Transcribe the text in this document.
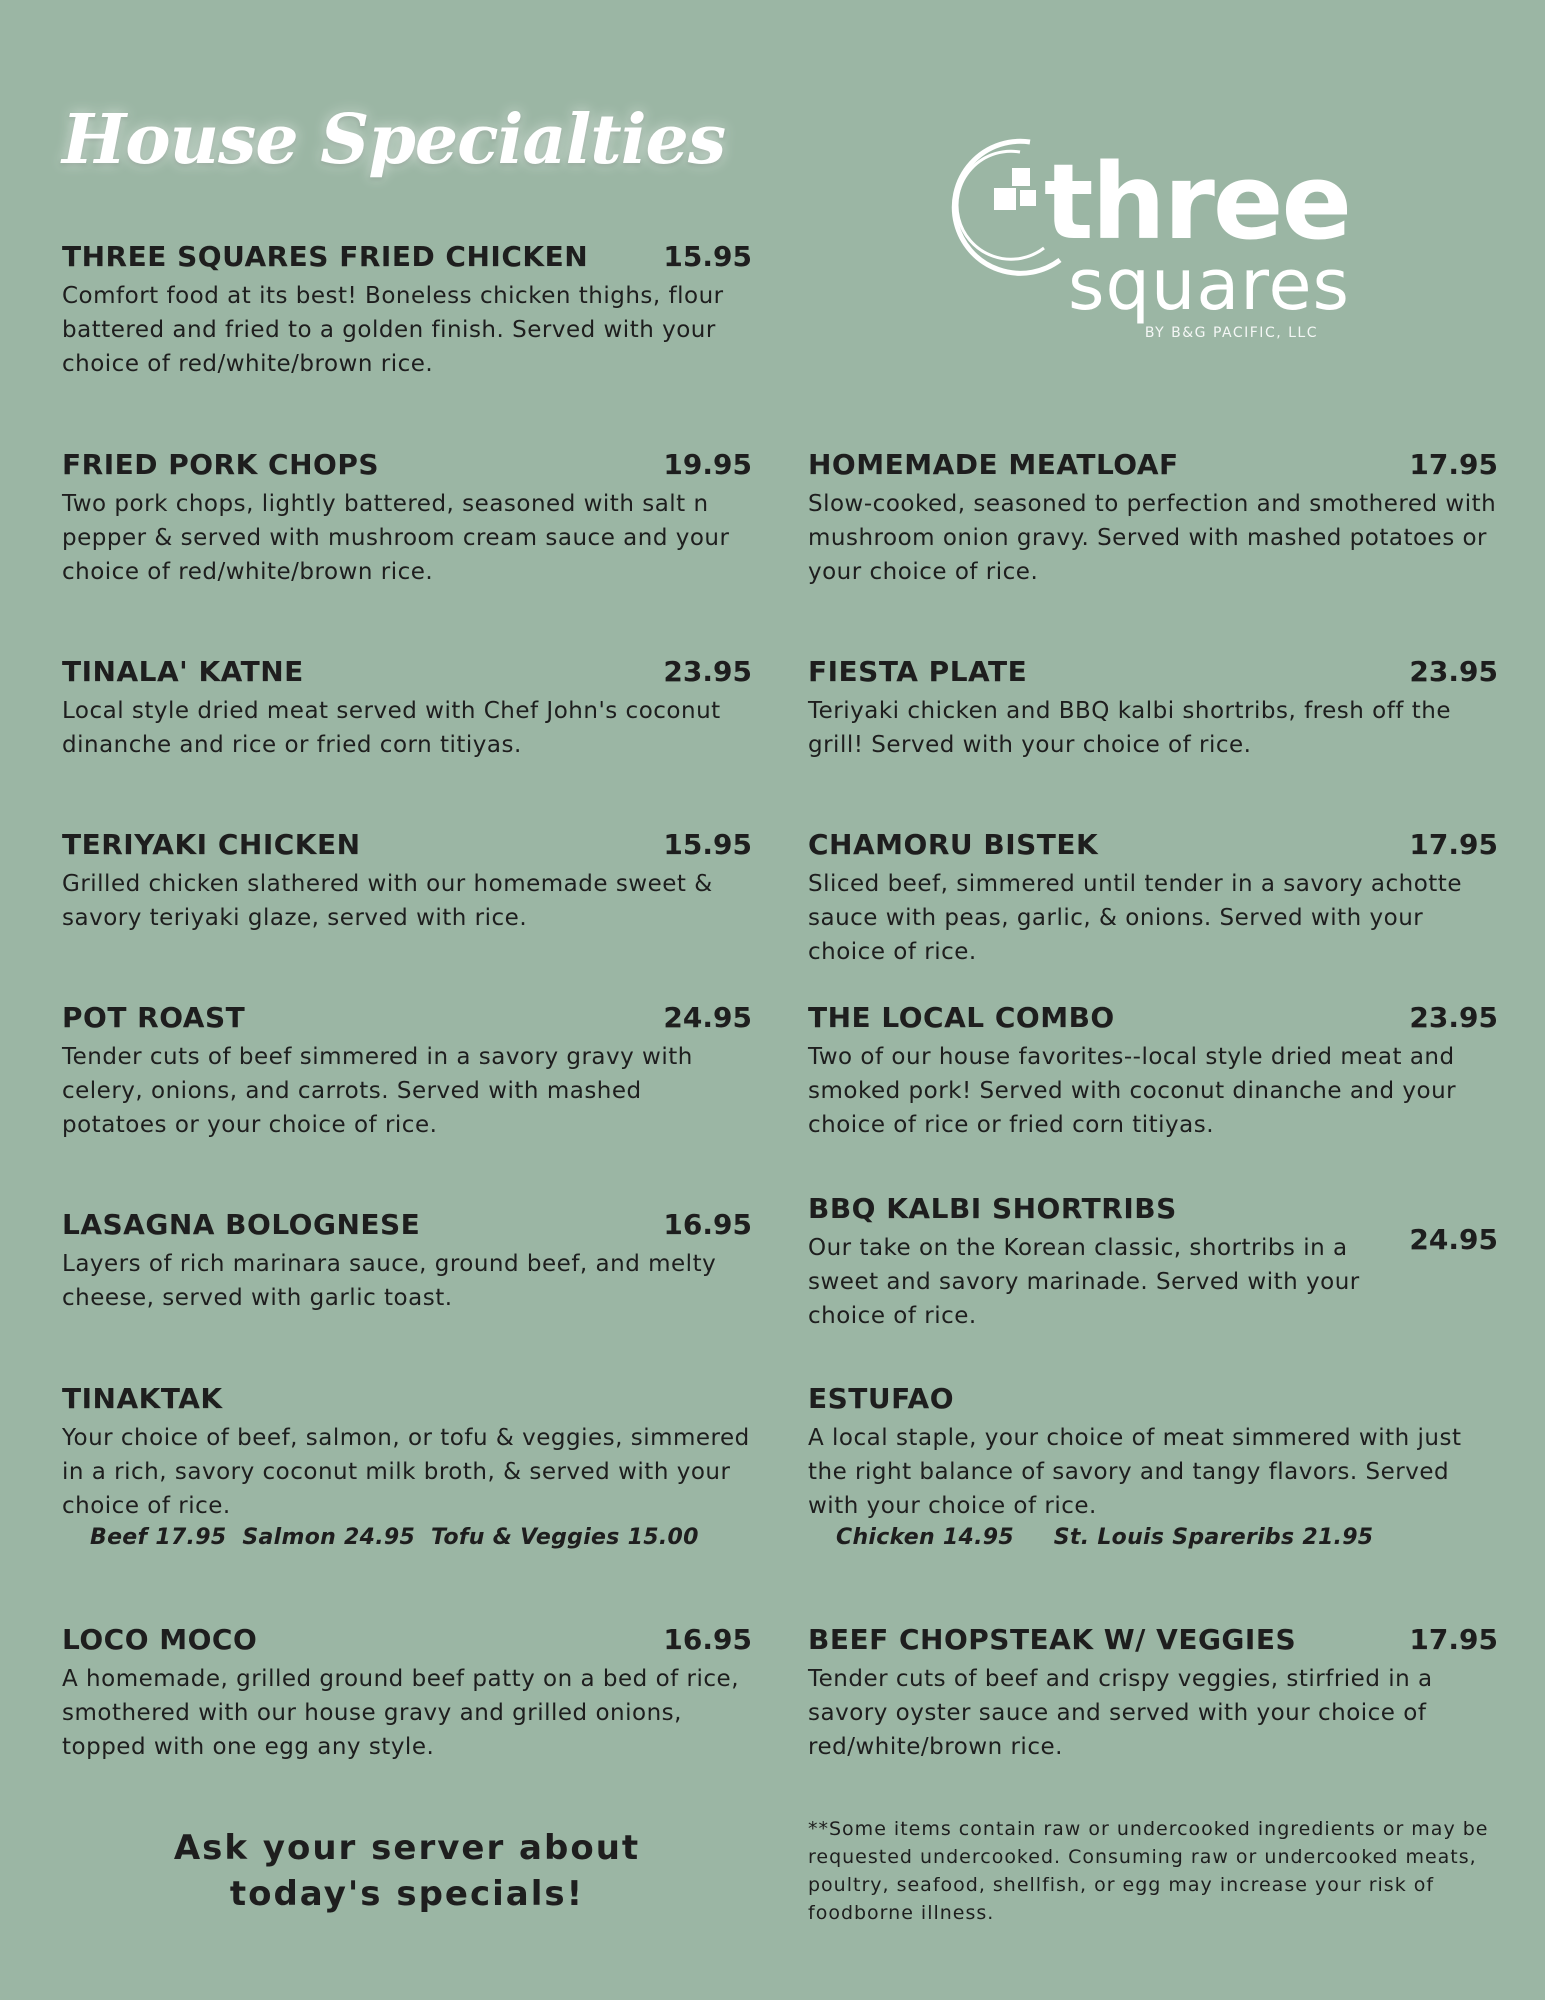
House Specialties
three
squares
BY B&G PACIFIC, LLC
THREE SQUARES FRIED CHICKEN	15.95
Comfort food at its best! Boneless chicken thighs, flour battered and fried to a golden finish. Served with your choice of red/white/brown rice.
FRIED PORK CHOPS	19.95
Two pork chops, lightly battered, seasoned with salt n pepper & served with mushroom cream sauce and your choice of red/white/brown rice.
TINALA' KATNE	23.95
Local style dried meat served with Chef John's coconut dinanche and rice or fried corn titiyas.
TERIYAKI CHICKEN	15.95
Grilled chicken slathered with our homemade sweet & savory teriyaki glaze, served with rice.
POT ROAST	24.95
Tender cuts of beef simmered in a savory gravy with celery, onions, and carrots. Served with mashed potatoes or your choice of rice.
LASAGNA BOLOGNESE	16.95
Layers of rich marinara sauce, ground beef, and melty cheese, served with garlic toast.
TINAKTAK
Your choice of beef, salmon, or tofu & veggies, simmered in a rich, savory coconut milk broth, & served with your choice of rice.
Beef 17.95  Salmon 24.95  Tofu & Veggies 15.00
LOCO MOCO	16.95
A homemade, grilled ground beef patty on a bed of rice, smothered with our house gravy and grilled onions, topped with one egg any style.
HOMEMADE MEATLOAF	17.95
Slow-cooked, seasoned to perfection and smothered with mushroom onion gravy. Served with mashed potatoes or your choice of rice.
FIESTA PLATE	23.95
Teriyaki chicken and BBQ kalbi shortribs, fresh off the grill! Served with your choice of rice.
CHAMORU BISTEK	17.95
Sliced beef, simmered until tender in a savory achotte sauce with peas, garlic, & onions. Served with your choice of rice.
THE LOCAL COMBO	23.95
Two of our house favorites--local style dried meat and smoked pork! Served with coconut dinanche and your choice of rice or fried corn titiyas.
BBQ KALBI SHORTRIBS
24.95
Our take on the Korean classic, shortribs in a sweet and savory marinade. Served with your choice of rice.
ESTUFAO
A local staple, your choice of meat simmered with just the right balance of savory and tangy flavors. Served with your choice of rice.
Chicken 14.95     St. Louis Spareribs 21.95
BEEF CHOPSTEAK W/ VEGGIES	17.95
Tender cuts of beef and crispy veggies, stirfried in a savory oyster sauce and served with your choice of red/white/brown rice.
Ask your server about
today's specials!
**Some items contain raw or undercooked ingredients or may be requested undercooked. Consuming raw or undercooked meats, poultry, seafood, shellfish, or egg may increase your risk of foodborne illness.
